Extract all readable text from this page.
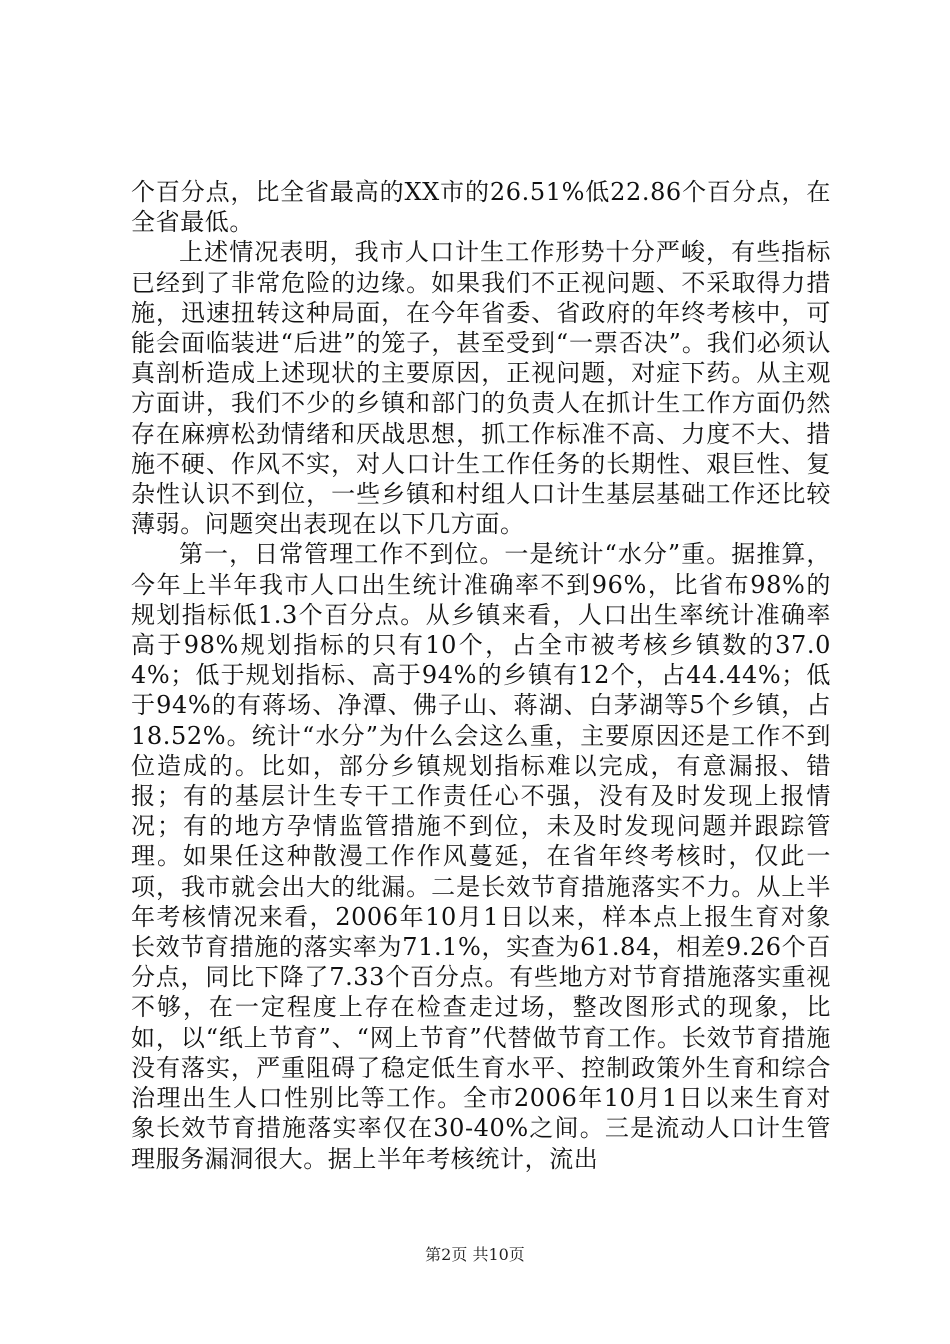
个百分点，比全省最高的XX市的26.51%低22.86个百分点，在全省最低。

上述情况表明，我市人口计生工作形势十分严峻，有些指标已经到了非常危险的边缘。如果我们不正视问题、不采取得力措施，迅速扭转这种局面，在今年省委、省政府的年终考核中，可能会面临装进“后进”的笼子，甚至受到“一票否决”。我们必须认真剖析造成上述现状的主要原因，正视问题，对症下药。从主观方面讲，我们不少的乡镇和部门的负责人在抓计生工作方面仍然存在麻痹松劲情绪和厌战思想，抓工作标准不高、力度不大、措施不硬、作风不实，对人口计生工作任务的长期性、艰巨性、复杂性认识不到位，一些乡镇和村组人口计生基层基础工作还比较薄弱。问题突出表现在以下几方面。

第一，日常管理工作不到位。一是统计“水分”重。据推算，今年上半年我市人口出生统计准确率不到96%，比省布98%的规划指标低1.3个百分点。从乡镇来看，人口出生率统计准确率高于98%规划指标的只有10个，占全市被考核乡镇数的37.04%；低于规划指标、高于94%的乡镇有12个，占44.44%；低于94%的有蒋场、净潭、佛子山、蒋湖、白茅湖等5个乡镇，占18.52%。统计“水分”为什么会这么重，主要原因还是工作不到位造成的。比如，部分乡镇规划指标难以完成，有意漏报、错报；有的基层计生专干工作责任心不强，没有及时发现上报情况；有的地方孕情监管措施不到位，未及时发现问题并跟踪管理。如果任这种散漫工作作风蔓延，在省年终考核时，仅此一项，我市就会出大的纰漏。二是长效节育措施落实不力。从上半年考核情况来看，2006年10月1日以来，样本点上报生育对象长效节育措施的落实率为71.1%，实查为61.84，相差9.26个百分点，同比下降了7.33个百分点。有些地方对节育措施落实重视不够，在一定程度上存在检查走过场，整改图形式的现象，比如，以“纸上节育”、“网上节育”代替做节育工作。长效节育措施没有落实，严重阻碍了稳定低生育水平、控制政策外生育和综合治理出生人口性别比等工作。全市2006年10月1日以来生育对象长效节育措施落实率仅在30-40%之间。三是流动人口计生管理服务漏洞很大。据上半年考核统计，流出

第2页 共10页
